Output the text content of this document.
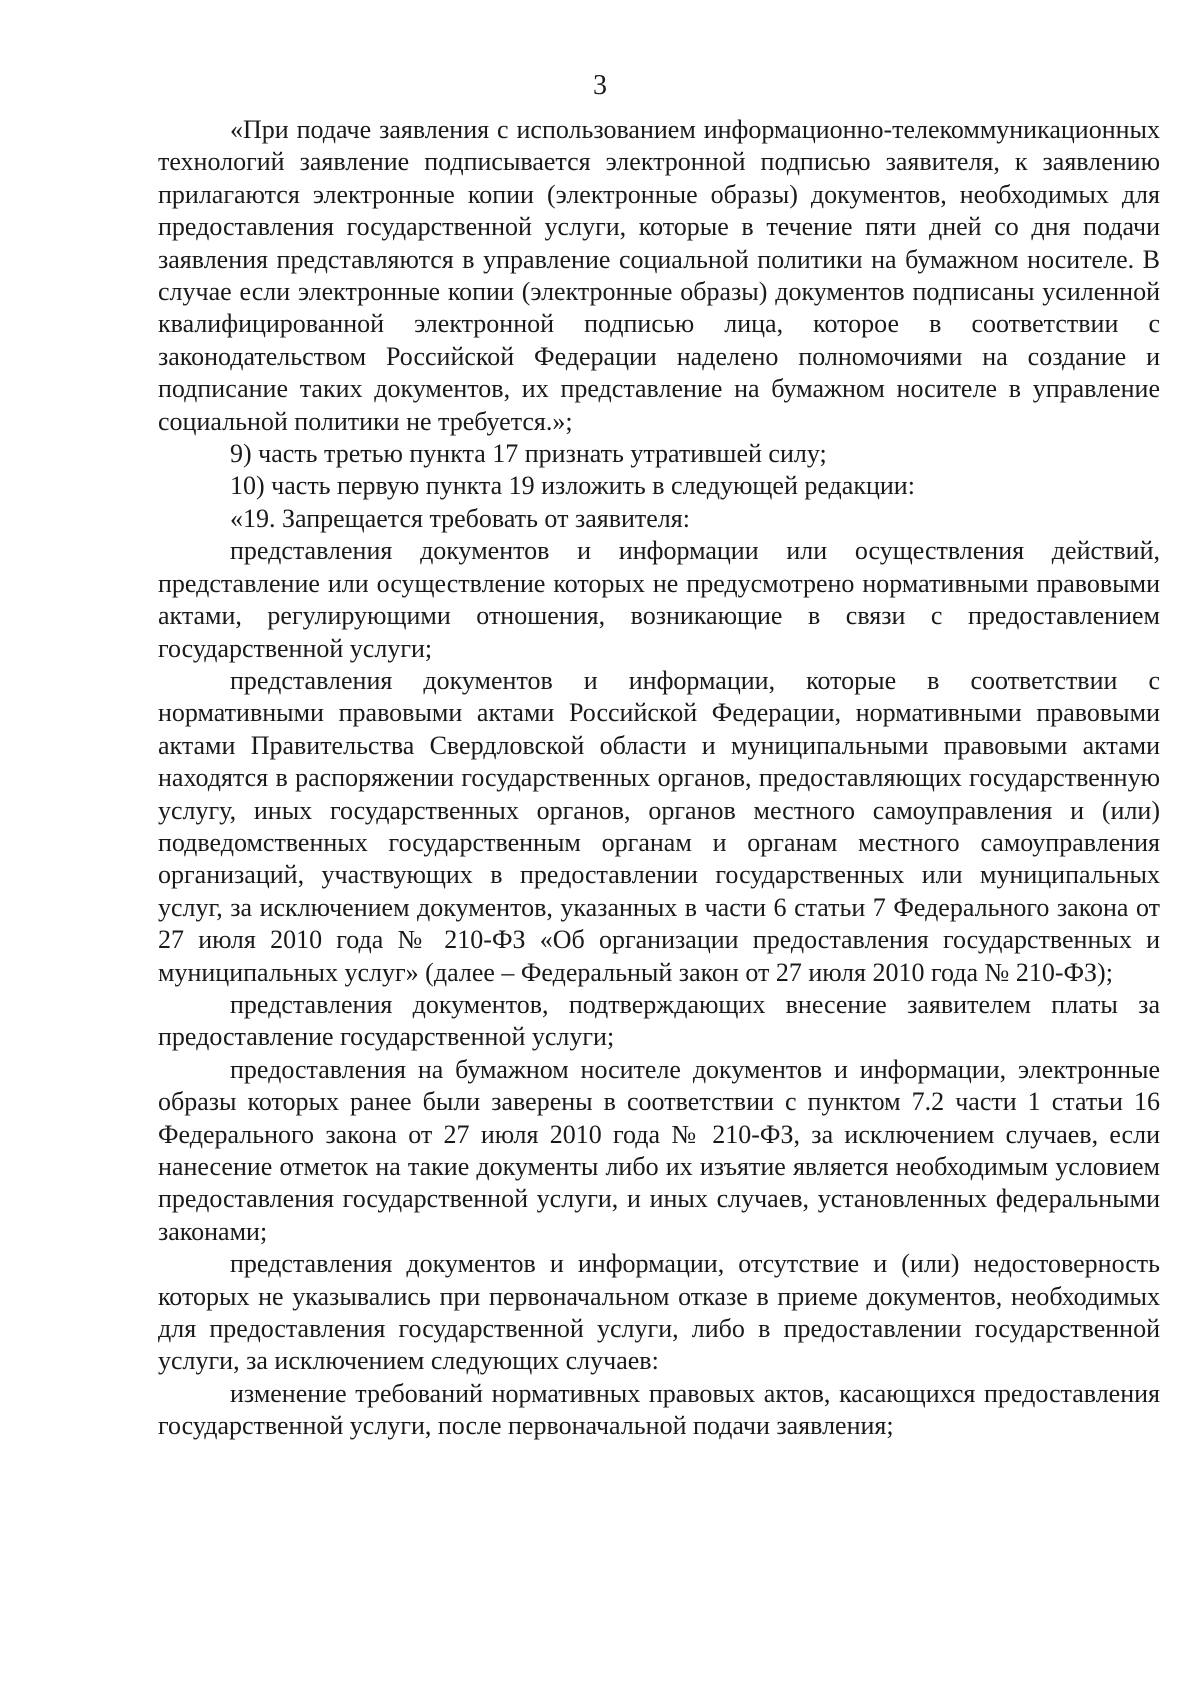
3

«При подаче заявления с использованием информационно-телекоммуникационных технологий заявление подписывается электронной подписью заявителя, к заявлению прилагаются электронные копии (электронные образы) документов, необходимых для предоставления государственной услуги, которые в течение пяти дней со дня подачи заявления представляются в управление социальной политики на бумажном носителе. В случае если электронные копии (электронные образы) документов подписаны усиленной квалифицированной электронной подписью лица, которое в соответствии с законодательством Российской Федерации наделено полномочиями на создание и подписание таких документов, их представление на бумажном носителе в управление социальной политики не требуется.»;

9) часть третью пункта 17 признать утратившей силу;

10) часть первую пункта 19 изложить в следующей редакции:

«19. Запрещается требовать от заявителя:

представления документов и информации или осуществления действий, представление или осуществление которых не предусмотрено нормативными правовыми актами, регулирующими отношения, возникающие в связи с предоставлением государственной услуги;

представления документов и информации, которые в соответствии с нормативными правовыми актами Российской Федерации, нормативными правовыми актами Правительства Свердловской области и муниципальными правовыми актами находятся в распоряжении государственных органов, предоставляющих государственную услугу, иных государственных органов, органов местного самоуправления и (или) подведомственных государственным органам и органам местного самоуправления организаций, участвующих в предоставлении государственных или муниципальных услуг, за исключением документов, указанных в части 6 статьи 7 Федерального закона от 27 июля 2010 года № 210-ФЗ «Об организации предоставления государственных и муниципальных услуг» (далее – Федеральный закон от 27 июля 2010 года № 210-ФЗ);

представления документов, подтверждающих внесение заявителем платы за предоставление государственной услуги;

предоставления на бумажном носителе документов и информации, электронные образы которых ранее были заверены в соответствии с пунктом 7.2 части 1 статьи 16 Федерального закона от 27 июля 2010 года № 210-ФЗ, за исключением случаев, если нанесение отметок на такие документы либо их изъятие является необходимым условием предоставления государственной услуги, и иных случаев, установленных федеральными законами;

представления документов и информации, отсутствие и (или) недостоверность которых не указывались при первоначальном отказе в приеме документов, необходимых для предоставления государственной услуги, либо в предоставлении государственной услуги, за исключением следующих случаев:

изменение требований нормативных правовых актов, касающихся предоставления государственной услуги, после первоначальной подачи заявления;
